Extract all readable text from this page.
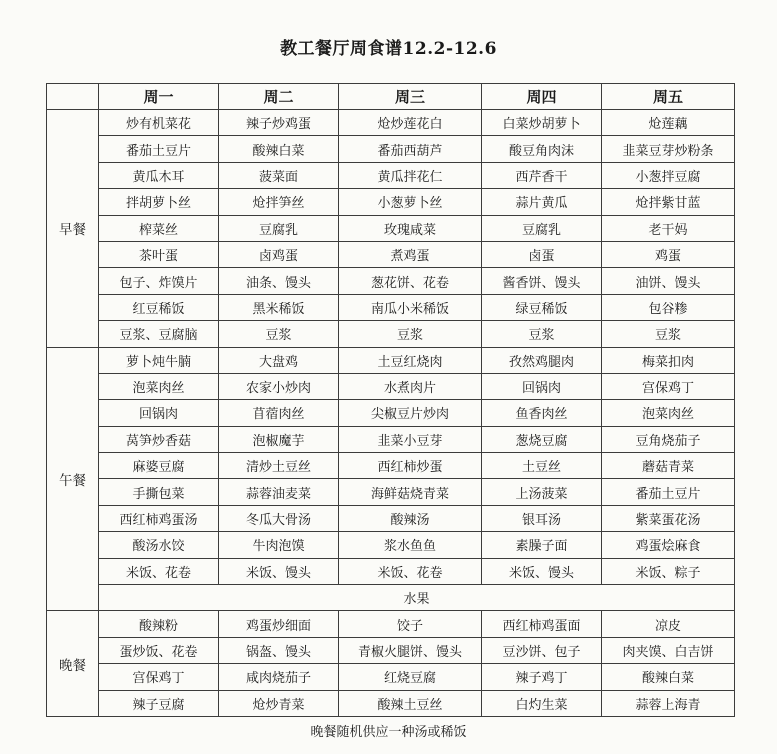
教工餐厅周食谱12.2-12.6
	周一	周二	周三	周四	周五
早餐	炒有机菜花	辣子炒鸡蛋	炝炒莲花白	白菜炒胡萝卜	炝莲藕
	番茄土豆片	酸辣白菜	番茄西葫芦	酸豆角肉沫	韭菜豆芽炒粉条
	黄瓜木耳	菠菜面	黄瓜拌花仁	西芹香干	小葱拌豆腐
	拌胡萝卜丝	炝拌笋丝	小葱萝卜丝	蒜片黄瓜	炝拌紫甘蓝
	榨菜丝	豆腐乳	玫瑰咸菜	豆腐乳	老干妈
	茶叶蛋	卤鸡蛋	煮鸡蛋	卤蛋	鸡蛋
	包子、炸馍片	油条、馒头	葱花饼、花卷	酱香饼、馒头	油饼、馒头
	红豆稀饭	黑米稀饭	南瓜小米稀饭	绿豆稀饭	包谷糁
	豆浆、豆腐脑	豆浆	豆浆	豆浆	豆浆
午餐	萝卜炖牛腩	大盘鸡	土豆红烧肉	孜然鸡腿肉	梅菜扣肉
	泡菜肉丝	农家小炒肉	水煮肉片	回锅肉	宫保鸡丁
	回锅肉	苜蓿肉丝	尖椒豆片炒肉	鱼香肉丝	泡菜肉丝
	莴笋炒香菇	泡椒魔芋	韭菜小豆芽	葱烧豆腐	豆角烧茄子
	麻婆豆腐	清炒土豆丝	西红柿炒蛋	土豆丝	蘑菇青菜
	手撕包菜	蒜蓉油麦菜	海鲜菇烧青菜	上汤菠菜	番茄土豆片
	西红柿鸡蛋汤	冬瓜大骨汤	酸辣汤	银耳汤	紫菜蛋花汤
	酸汤水饺	牛肉泡馍	浆水鱼鱼	素臊子面	鸡蛋烩麻食
	米饭、花卷	米饭、馒头	米饭、花卷	米饭、馒头	米饭、粽子
	水果				
晚餐	酸辣粉	鸡蛋炒细面	饺子	西红柿鸡蛋面	凉皮
	蛋炒饭、花卷	锅盔、馒头	青椒火腿饼、馒头	豆沙饼、包子	肉夹馍、白吉饼
	宫保鸡丁	咸肉烧茄子	红烧豆腐	辣子鸡丁	酸辣白菜
	辣子豆腐	炝炒青菜	酸辣土豆丝	白灼生菜	蒜蓉上海青
晚餐随机供应一种汤或稀饭
